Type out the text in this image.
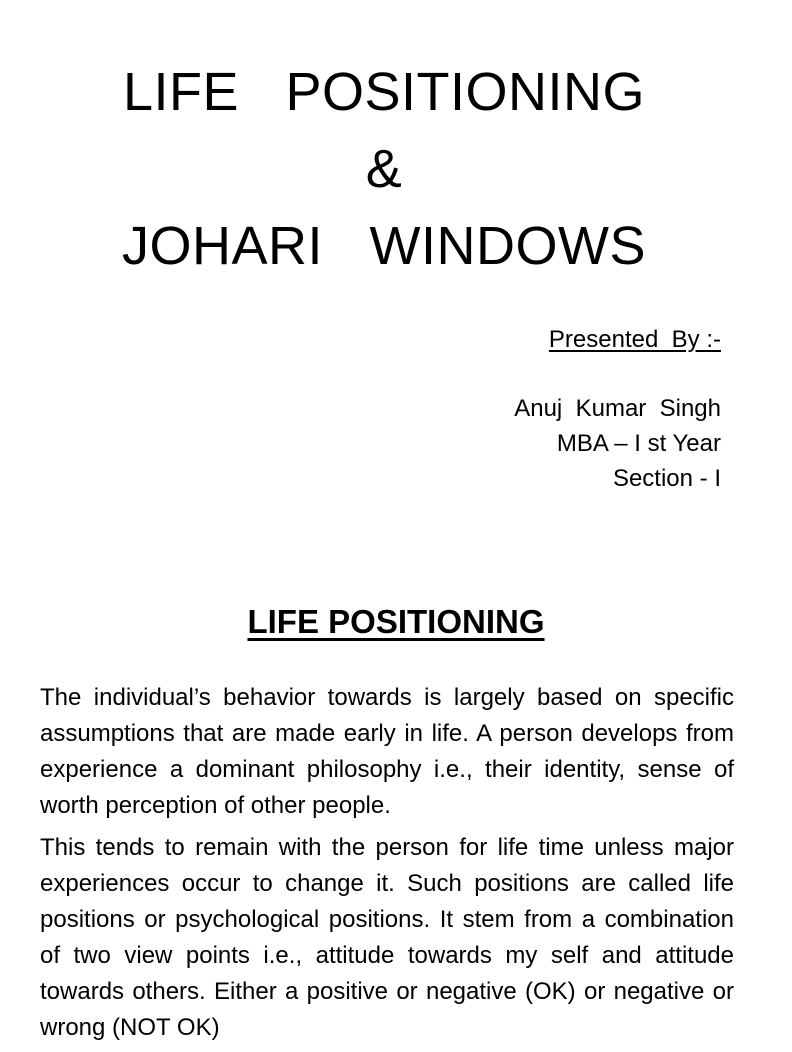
LIFE   POSITIONING
&
JOHARI   WINDOWS
Presented  By :-
Anuj  Kumar  Singh
MBA – I st Year
Section - I
LIFE POSITIONING

The individual’s behavior towards is largely based on specific assumptions that are made early in life. A person develops from experience a dominant philosophy i.e., their identity, sense of worth perception of other people.

This tends to remain with the person for life time unless major experiences occur to change it. Such positions are called life positions or psychological positions. It stem from a combination of two view points i.e., attitude towards my self and attitude towards others. Either a positive or negative (OK) or negative or wrong (NOT OK)
